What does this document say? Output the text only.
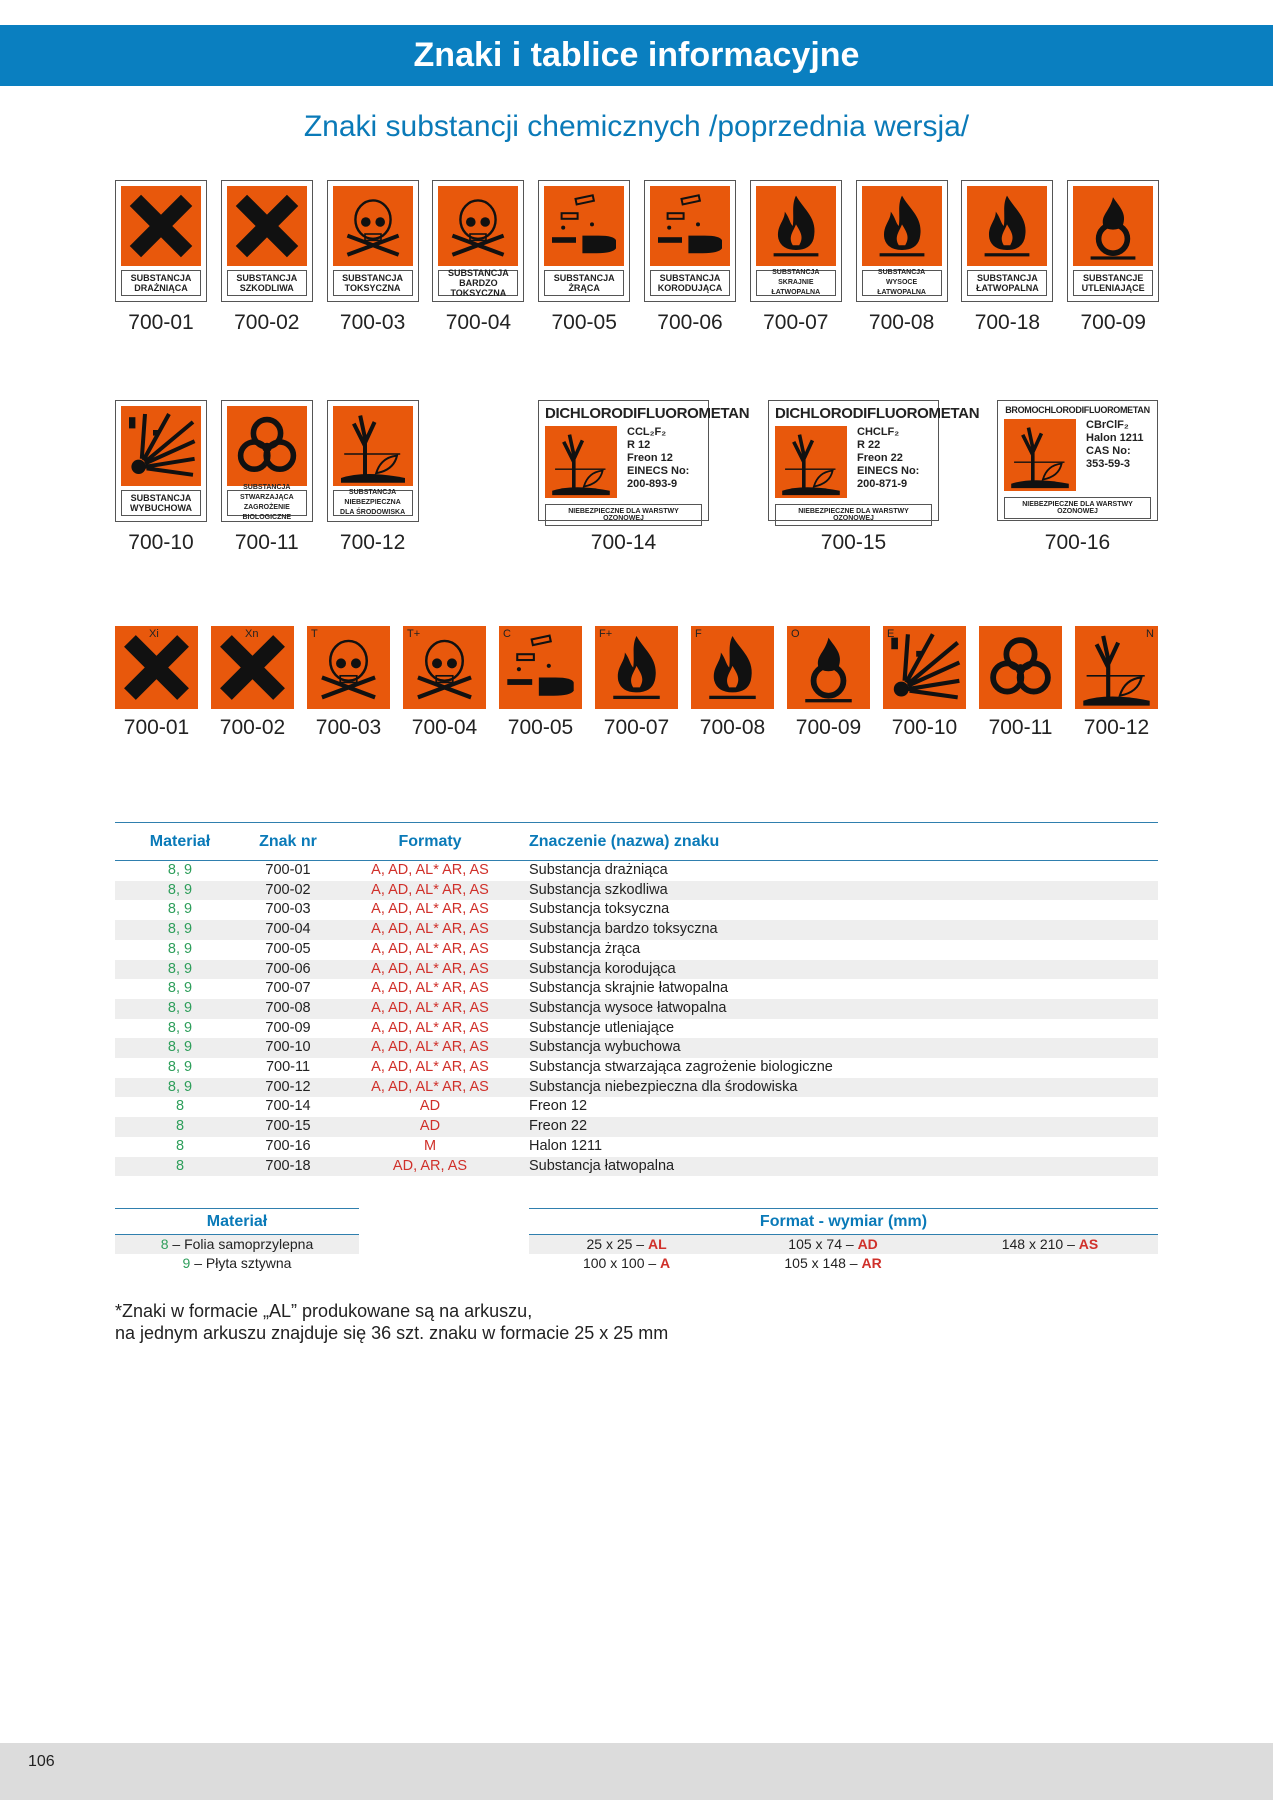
Znaki i tablice informacyjne
Znaki substancji chemicznych /poprzednia wersja/
SUBSTANCJA
DRAŻNIĄCA
700-01
SUBSTANCJA
SZKODLIWA
700-02
SUBSTANCJA
TOKSYCZNA
700-03
SUBSTANCJA
BARDZO TOKSYCZNA
700-04
SUBSTANCJA
ŻRĄCA
700-05
SUBSTANCJA
KORODUJĄCA
700-06
SUBSTANCJA
SKRAJNIE
ŁATWOPALNA
700-07
SUBSTANCJA
WYSOCE
ŁATWOPALNA
700-08
SUBSTANCJA
ŁATWOPALNA
700-18
SUBSTANCJE
UTLENIAJĄCE
700-09
SUBSTANCJA
WYBUCHOWA
700-10
SUBSTANCJA
STWARZAJĄCA
ZAGROŻENIE BIOLOGICZNE
700-11
SUBSTANCJA
NIEBEZPIECZNA
DLA ŚRODOWISKA
700-12
DICHLORODIFLUOROMETAN
CCL₂F₂
R 12
Freon 12
EINECS No:
200-893-9
NIEBEZPIECZNE DLA WARSTWY OZONOWEJ
700-14
DICHLORODIFLUOROMETAN
CHCLF₂
R 22
Freon 22
EINECS No:
200-871-9
NIEBEZPIECZNE DLA WARSTWY OZONOWEJ
700-15
BROMOCHLORODIFLUOROMETAN
CBrClF₂
Halon 1211
CAS No:
353-59-3
NIEBEZPIECZNE DLA WARSTWY OZONOWEJ
700-16
Xi
700-01
Xn
700-02
T
700-03
T+
700-04
C
700-05
F+
700-07
F
700-08
O
700-09
E
700-10	700-11
N
700-12
Materiał	Znak nr	Formaty	Znaczenie (nazwa) znaku
8, 9	700-01	A, AD, AL* AR, AS	Substancja drażniąca
8, 9	700-02	A, AD, AL* AR, AS	Substancja szkodliwa
8, 9	700-03	A, AD, AL* AR, AS	Substancja toksyczna
8, 9	700-04	A, AD, AL* AR, AS	Substancja bardzo toksyczna
8, 9	700-05	A, AD, AL* AR, AS	Substancja żrąca
8, 9	700-06	A, AD, AL* AR, AS	Substancja korodująca
8, 9	700-07	A, AD, AL* AR, AS	Substancja skrajnie łatwopalna
8, 9	700-08	A, AD, AL* AR, AS	Substancja wysoce łatwopalna
8, 9	700-09	A, AD, AL* AR, AS	Substancje utleniające
8, 9	700-10	A, AD, AL* AR, AS	Substancja wybuchowa
8, 9	700-11	A, AD, AL* AR, AS	Substancja stwarzająca zagrożenie biologiczne
8, 9	700-12	A, AD, AL* AR, AS	Substancja niebezpieczna dla środowiska
8	700-14	AD	Freon 12
8	700-15	AD	Freon 22
8	700-16	M	Halon 1211
8	700-18	AD, AR, AS	Substancja łatwopalna
Materiał
8 – Folia samoprzylepna
9 – Płyta sztywna
Format - wymiar (mm)		
25 x 25 – AL	105 x 74 – AD	148 x 210 – AS
100 x 100 – A	105 x 148 – AR	
*Znaki w formacie „AL” produkowane są na arkuszu,
na jednym arkuszu znajduje się 36 szt. znaku w formacie 25 x 25 mm
106
